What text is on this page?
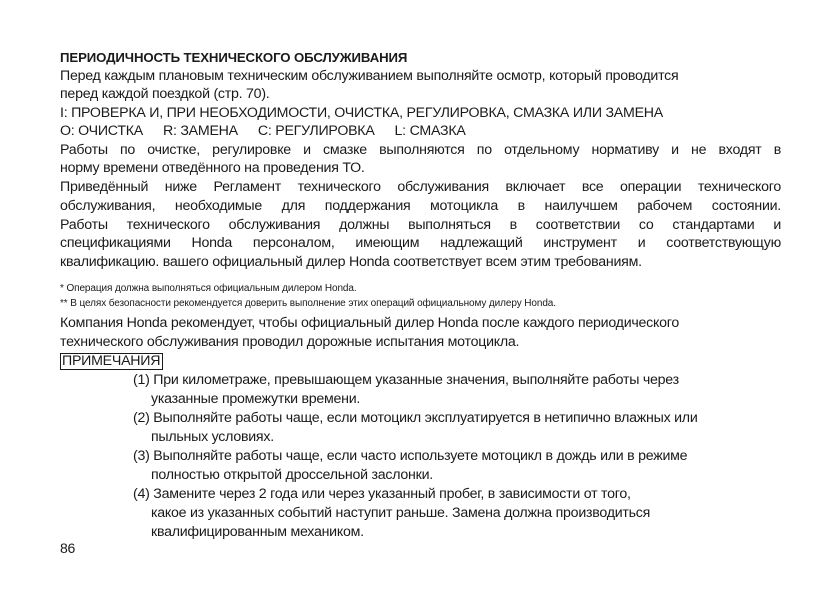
ПЕРИОДИЧНОСТЬ ТЕХНИЧЕСКОГО ОБСЛУЖИВАНИЯ
Перед каждым плановым техническим обслуживанием выполняйте осмотр, который проводится
перед каждой поездкой (стр. 70).
I: ПРОВЕРКА И, ПРИ НЕОБХОДИМОСТИ, ОЧИСТКА, РЕГУЛИРОВКА, СМАЗКА ИЛИ ЗАМЕНА
O: ОЧИСТКА R: ЗАМЕНА C: РЕГУЛИРОВКА L: СМАЗКА
Работы по очистке, регулировке и смазке выполняются по отдельному нормативу и не входят в
норму времени отведённого на проведения ТО.
Приведённый ниже Регламент технического обслуживания включает все операции технического
обслуживания, необходимые для поддержания мотоцикла в наилучшем рабочем состоянии.
Работы технического обслуживания должны выполняться в соответствии со стандартами и
спецификациями Honda персоналом, имеющим надлежащий инструмент и соответствующую
квалификацию. вашего официальный дилер Honda соответствует всем этим требованиям.
* Операция должна выполняться официальным дилером Honda.
** В целях безопасности рекомендуется доверить выполнение этих операций официальному дилеру Honda.
Компания Honda рекомендует, чтобы официальный дилер Honda после каждого периодического
технического обслуживания проводил дорожные испытания мотоцикла.
ПРИМЕЧАНИЯ
(1) При километраже, превышающем указанные значения, выполняйте работы через
указанные промежутки времени.
(2) Выполняйте работы чаще, если мотоцикл эксплуатируется в нетипично влажных или
пыльных условиях.
(3) Выполняйте работы чаще, если часто используете мотоцикл в дождь или в режиме
полностью открытой дроссельной заслонки.
(4) Замените через 2 года или через указанный пробег, в зависимости от того,
какое из указанных событий наступит раньше. Замена должна производиться
квалифицированным механиком.
86
